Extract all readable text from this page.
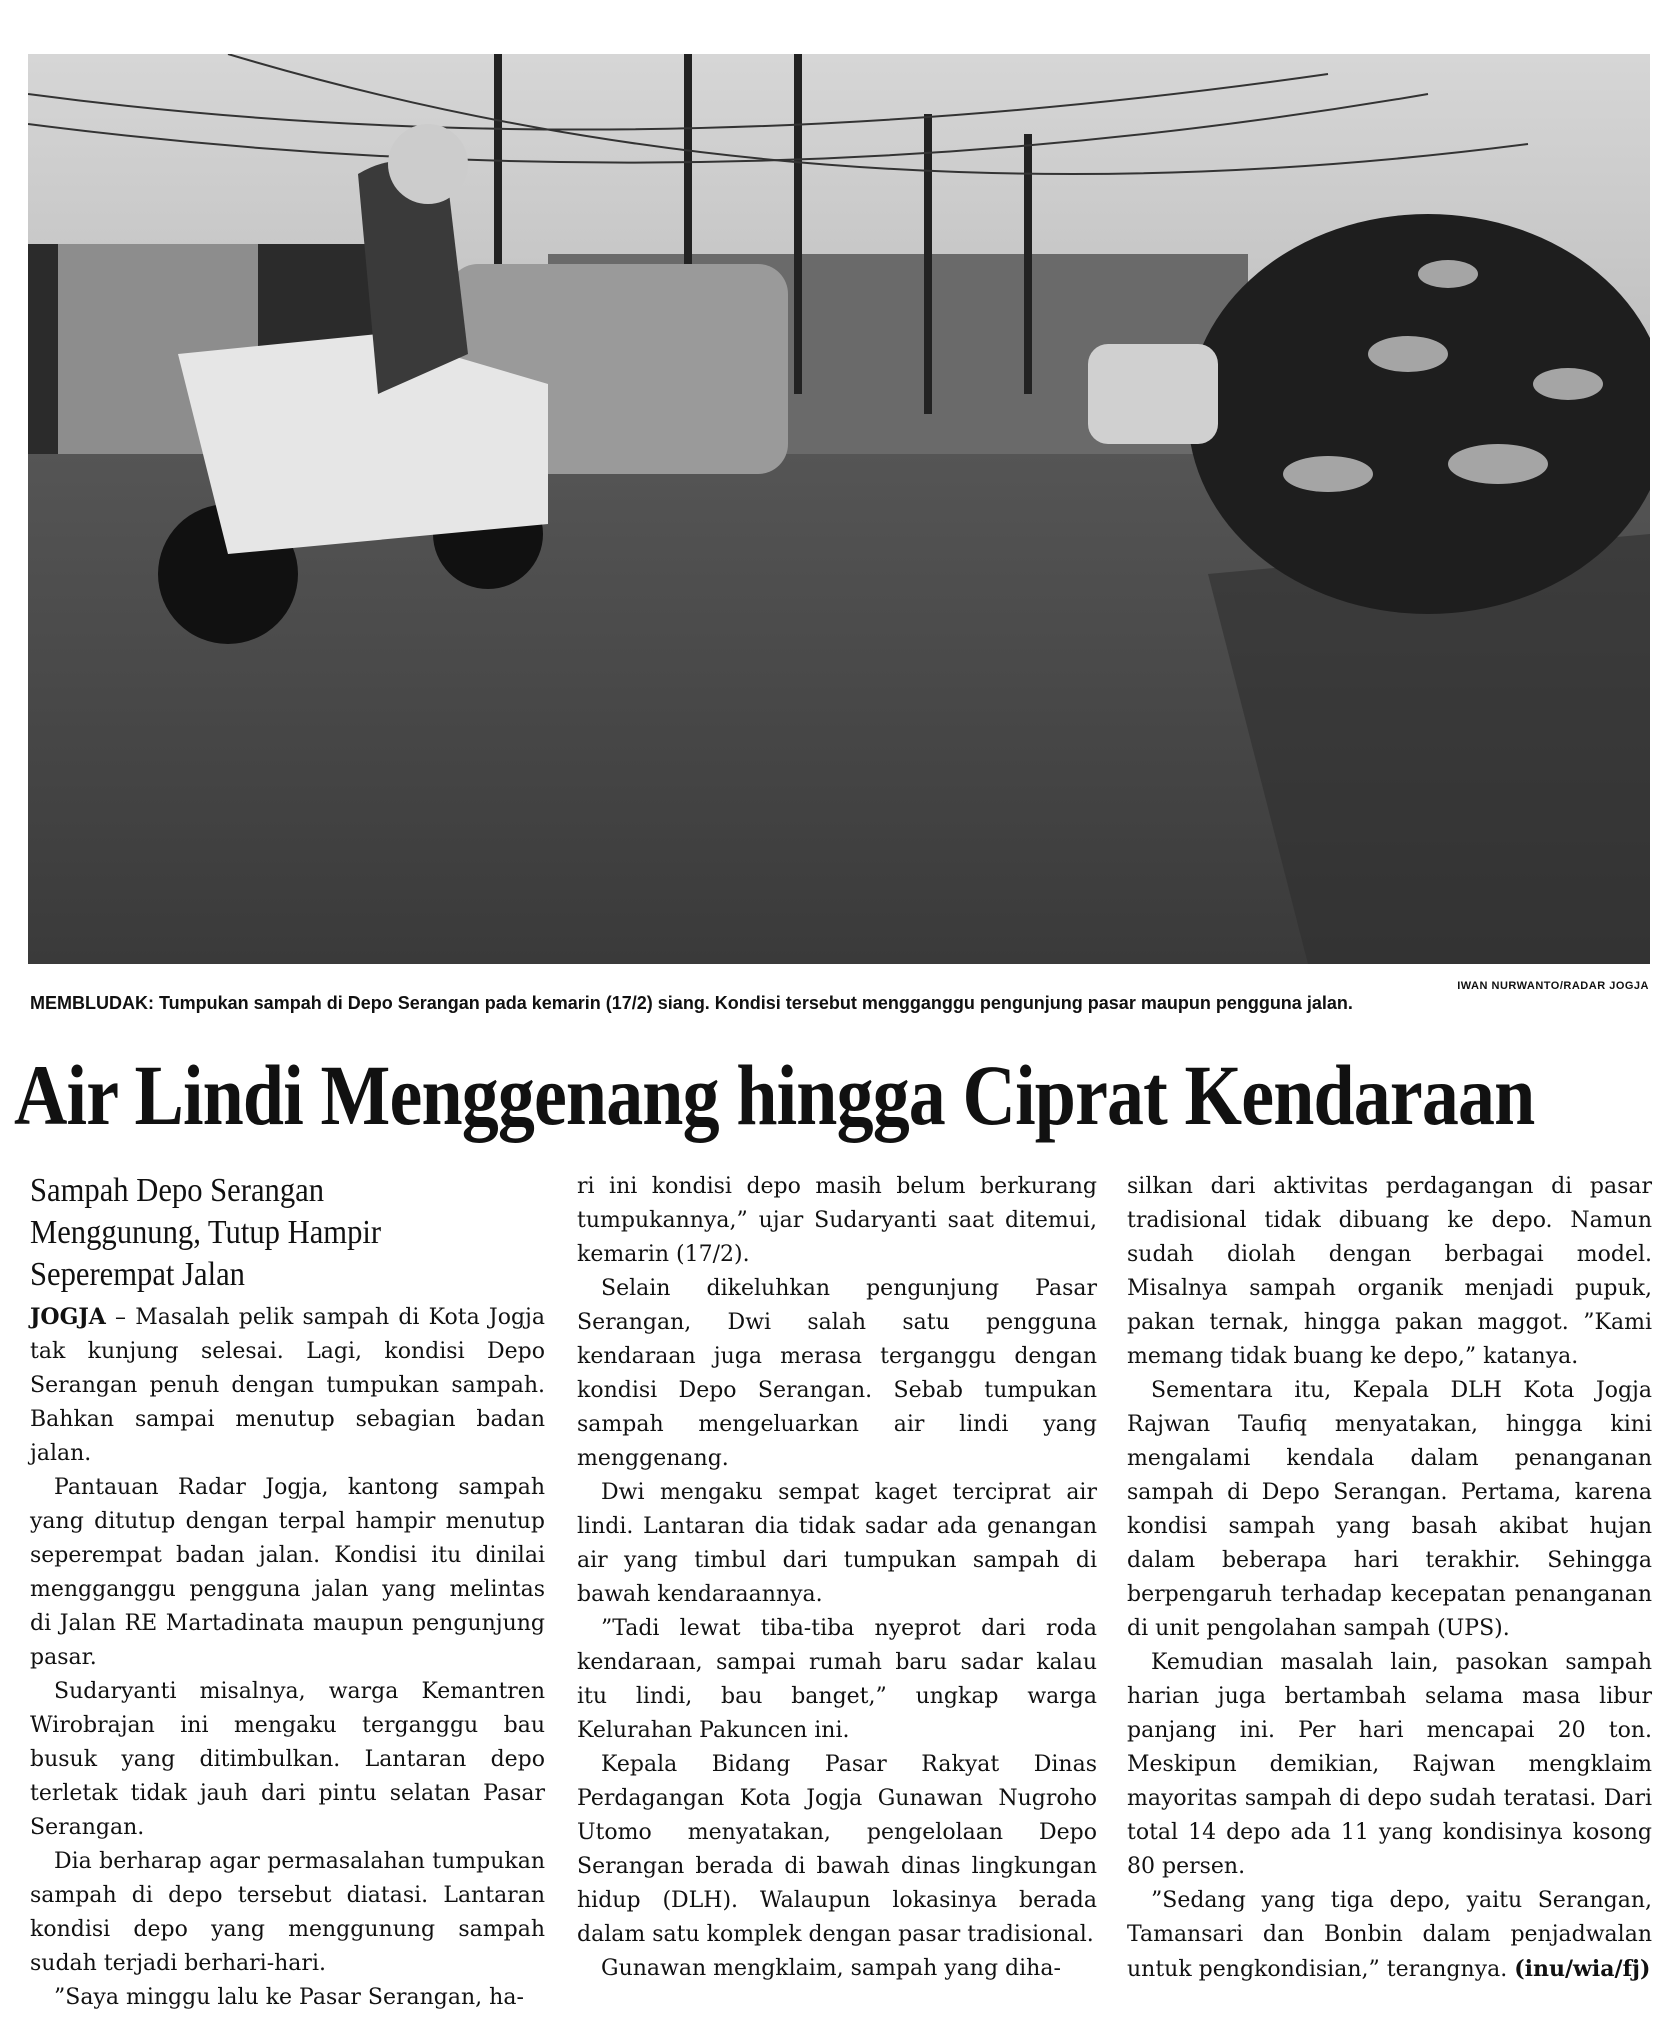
IWAN NURWANTO/RADAR JOGJA
MEMBLUDAK: Tumpukan sampah di Depo Serangan pada kemarin (17/2) siang. Kondisi tersebut mengganggu pengunjung pasar maupun pengguna jalan.
Air Lindi Menggenang hingga Ciprat Kendaraan
Sampah Depo Serangan Menggunung, Tutup Hampir Seperempat Jalan

JOGJA – Masalah pelik sampah di Kota Jogja tak kunjung selesai. Lagi, kondisi Depo Serangan penuh dengan tumpukan sampah. Bahkan sampai menutup sebagian badan jalan.

Pantauan Radar Jogja, kantong sampah yang ditutup dengan terpal hampir menutup seperempat badan jalan. Kondisi itu dinilai mengganggu pengguna jalan yang melintas di Jalan RE Martadinata maupun pengunjung pasar.

Sudaryanti misalnya, warga Kemantren Wirobrajan ini mengaku terganggu bau busuk yang ditimbulkan. Lantaran depo terletak tidak jauh dari pintu selatan Pasar Serangan.

Dia berharap agar permasalahan tumpukan sampah di depo tersebut diatasi. Lantaran kondisi depo yang menggunung sampah sudah terjadi berhari-hari.

”Saya minggu lalu ke Pasar Serangan, ha-

ri ini kondisi depo masih belum berkurang tumpukannya,” ujar Sudaryanti saat ditemui, kemarin (17/2).

Selain dikeluhkan pengunjung Pasar Serangan, Dwi salah satu pengguna kendaraan juga merasa terganggu dengan kondisi Depo Serangan. Sebab tumpukan sampah mengeluarkan air lindi yang menggenang.

Dwi mengaku sempat kaget terciprat air lindi. Lantaran dia tidak sadar ada genangan air yang timbul dari tumpukan sampah di bawah kendaraannya.

”Tadi lewat tiba-tiba nyeprot dari roda kendaraan, sampai rumah baru sadar kalau itu lindi, bau banget,” ungkap warga Kelurahan Pakuncen ini.

Kepala Bidang Pasar Rakyat Dinas Perdagangan Kota Jogja Gunawan Nugroho Utomo menyatakan, pengelolaan Depo Serangan berada di bawah dinas lingkungan hidup (DLH). Walaupun lokasinya berada dalam satu komplek dengan pasar tradisional.

Gunawan mengklaim, sampah yang diha-

silkan dari aktivitas perdagangan di pasar tradisional tidak dibuang ke depo. Namun sudah diolah dengan berbagai model. Misalnya sampah organik menjadi pupuk, pakan ternak, hingga pakan maggot. ”Kami memang tidak buang ke depo,” katanya.

Sementara itu, Kepala DLH Kota Jogja Rajwan Taufiq menyatakan, hingga kini mengalami kendala dalam penanganan sampah di Depo Serangan. Pertama, karena kondisi sampah yang basah akibat hujan dalam beberapa hari terakhir. Sehingga berpengaruh terhadap kecepatan penanganan di unit pengolahan sampah (UPS).

Kemudian masalah lain, pasokan sampah harian juga bertambah selama masa libur panjang ini. Per hari mencapai 20 ton. Meskipun demikian, Rajwan mengklaim mayoritas sampah di depo sudah teratasi. Dari total 14 depo ada 11 yang kondisinya kosong 80 persen.

”Sedang yang tiga depo, yaitu Serangan, Tamansari dan Bonbin dalam penjadwalan untuk pengkondisian,” terangnya. (inu/wia/fj)
